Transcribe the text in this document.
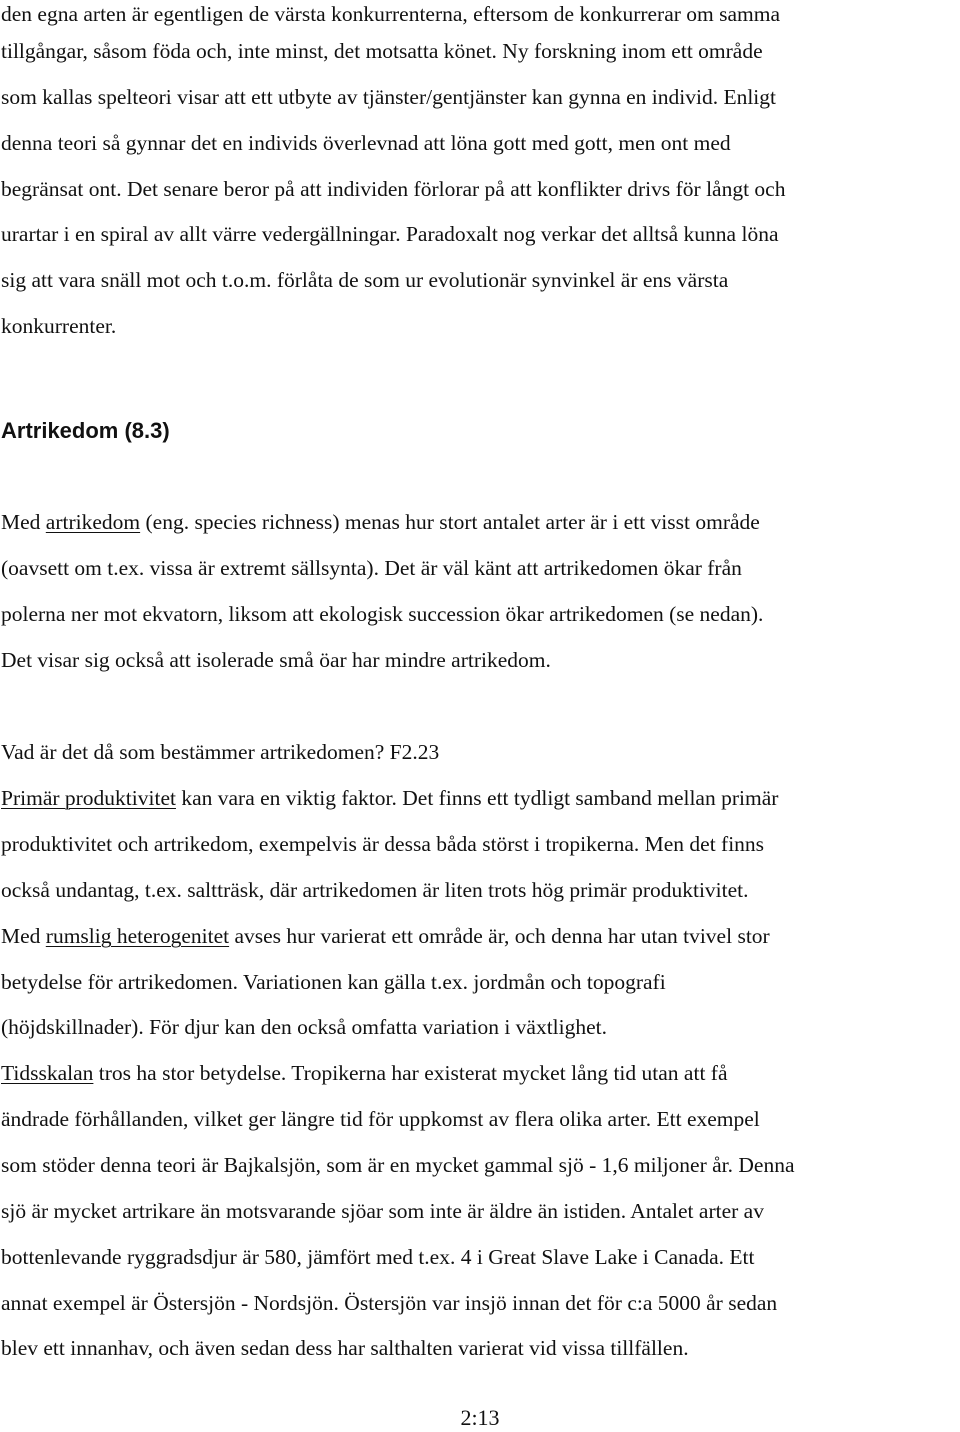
den egna arten är egentligen de värsta konkurrenterna, eftersom de konkurrerar om samma
tillgångar, såsom föda och, inte minst, det motsatta könet. Ny forskning inom ett område
som kallas spelteori visar att ett utbyte av tjänster/gentjänster kan gynna en individ. Enligt
denna teori så gynnar det en individs överlevnad att löna gott med gott, men ont med
begränsat ont. Det senare beror på att individen förlorar på att konflikter drivs för långt och
urartar i en spiral av allt värre vedergällningar. Paradoxalt nog verkar det alltså kunna löna
sig att vara snäll mot och t.o.m. förlåta de som ur evolutionär synvinkel är ens värsta
konkurrenter.
Artrikedom (8.3)
Med artrikedom (eng. species richness) menas hur stort antalet arter är i ett visst område
(oavsett om t.ex. vissa är extremt sällsynta). Det är väl känt att artrikedomen ökar från
polerna ner mot ekvatorn, liksom att ekologisk succession ökar artrikedomen (se nedan).
Det visar sig också att isolerade små öar har mindre artrikedom.
Vad är det då som bestämmer artrikedomen? F2.23
Primär produktivitet kan vara en viktig faktor. Det finns ett tydligt samband mellan primär
produktivitet och artrikedom, exempelvis är dessa båda störst i tropikerna. Men det finns
också undantag, t.ex. saltträsk, där artrikedomen är liten trots hög primär produktivitet.
Med rumslig heterogenitet avses hur varierat ett område är, och denna har utan tvivel stor
betydelse för artrikedomen. Variationen kan gälla t.ex. jordmån och topografi
(höjdskillnader). För djur kan den också omfatta variation i växtlighet.
Tidsskalan tros ha stor betydelse. Tropikerna har existerat mycket lång tid utan att få
ändrade förhållanden, vilket ger längre tid för uppkomst av flera olika arter. Ett exempel
som stöder denna teori är Bajkalsjön, som är en mycket gammal sjö - 1,6 miljoner år. Denna
sjö är mycket artrikare än motsvarande sjöar som inte är äldre än istiden. Antalet arter av
bottenlevande ryggradsdjur är 580, jämfört med t.ex. 4 i Great Slave Lake i Canada. Ett
annat exempel är Östersjön - Nordsjön. Östersjön var insjö innan det för c:a 5000 år sedan
blev ett innanhav, och även sedan dess har salthalten varierat vid vissa tillfällen.
2:13
